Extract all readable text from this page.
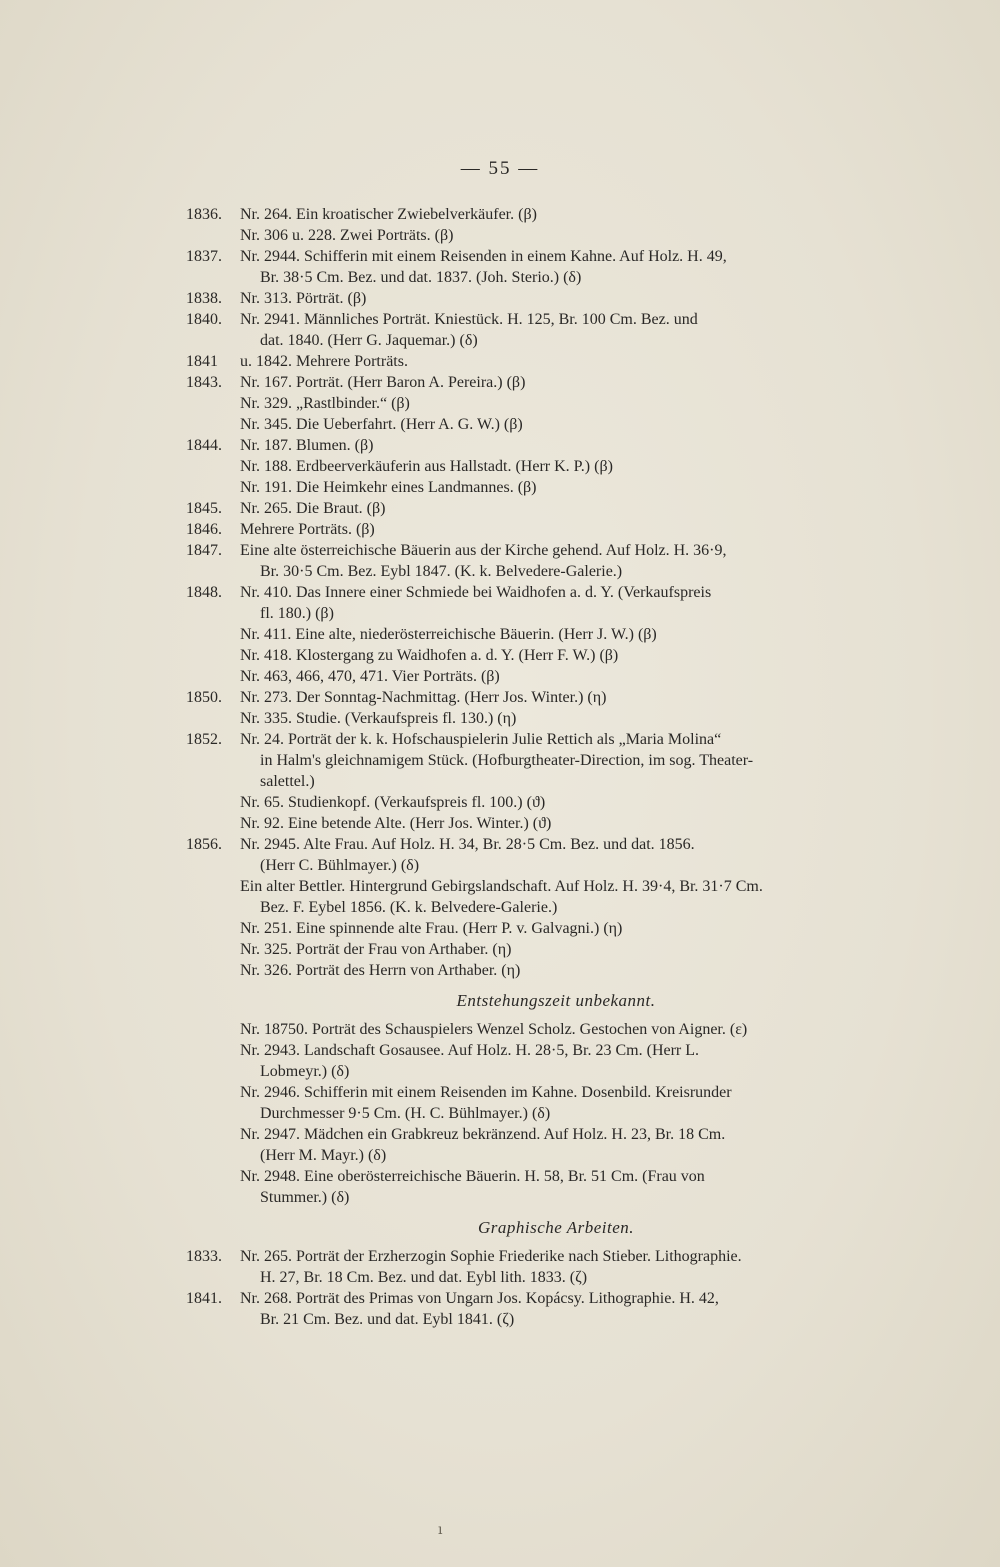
— 55 —
1836.	Nr. 264. Ein kroatischer Zwiebelverkäufer. (β)
Nr. 306 u. 228. Zwei Porträts. (β)
1837.	Nr. 2944. Schifferin mit einem Reisenden in einem Kahne. Auf Holz. H. 49,
Br. 38·5 Cm. Bez. und dat. 1837. (Joh. Sterio.) (δ)
1838.	Nr. 313. Pörträt. (β)
1840.	Nr. 2941. Männliches Porträt. Kniestück. H. 125, Br. 100 Cm. Bez. und
dat. 1840. (Herr G. Jaquemar.) (δ)
1841	u. 1842. Mehrere Porträts.
1843.	Nr. 167. Porträt. (Herr Baron A. Pereira.) (β)
Nr. 329. „Rastlbinder.“ (β)
Nr. 345. Die Ueberfahrt. (Herr A. G. W.) (β)
1844.	Nr. 187. Blumen. (β)
Nr. 188. Erdbeerverkäuferin aus Hallstadt. (Herr K. P.) (β)
Nr. 191. Die Heimkehr eines Landmannes. (β)
1845.	Nr. 265. Die Braut. (β)
1846.	Mehrere Porträts. (β)
1847.	Eine alte österreichische Bäuerin aus der Kirche gehend. Auf Holz. H. 36·9,
Br. 30·5 Cm. Bez. Eybl 1847. (K. k. Belvedere-Galerie.)
1848.	Nr. 410. Das Innere einer Schmiede bei Waidhofen a. d. Y. (Verkaufspreis
fl. 180.) (β)
Nr. 411. Eine alte, niederösterreichische Bäuerin. (Herr J. W.) (β)
Nr. 418. Klostergang zu Waidhofen a. d. Y. (Herr F. W.) (β)
Nr. 463, 466, 470, 471. Vier Porträts. (β)
1850.	Nr. 273. Der Sonntag-Nachmittag. (Herr Jos. Winter.) (η)
Nr. 335. Studie. (Verkaufspreis fl. 130.) (η)
1852.	Nr. 24. Porträt der k. k. Hofschauspielerin Julie Rettich als „Maria Molina“
in Halm's gleichnamigem Stück. (Hofburgtheater-Direction, im sog. Theater-
salettel.)
Nr. 65. Studienkopf. (Verkaufspreis fl. 100.) (ϑ)
Nr. 92. Eine betende Alte. (Herr Jos. Winter.) (ϑ)
1856.	Nr. 2945. Alte Frau. Auf Holz. H. 34, Br. 28·5 Cm. Bez. und dat. 1856.
(Herr C. Bühlmayer.) (δ)
Ein alter Bettler. Hintergrund Gebirgslandschaft. Auf Holz. H. 39·4, Br. 31·7 Cm.
Bez. F. Eybel 1856. (K. k. Belvedere-Galerie.)
Nr. 251. Eine spinnende alte Frau. (Herr P. v. Galvagni.) (η)
Nr. 325. Porträt der Frau von Arthaber. (η)
Nr. 326. Porträt des Herrn von Arthaber. (η)
Entstehungszeit unbekannt.
Nr. 18750. Porträt des Schauspielers Wenzel Scholz. Gestochen von Aigner. (ε)
Nr. 2943. Landschaft Gosausee. Auf Holz. H. 28·5, Br. 23 Cm. (Herr L.
Lobmeyr.) (δ)
Nr. 2946. Schifferin mit einem Reisenden im Kahne. Dosenbild. Kreisrunder
Durchmesser 9·5 Cm. (H. C. Bühlmayer.) (δ)
Nr. 2947. Mädchen ein Grabkreuz bekränzend. Auf Holz. H. 23, Br. 18 Cm.
(Herr M. Mayr.) (δ)
Nr. 2948. Eine oberösterreichische Bäuerin. H. 58, Br. 51 Cm. (Frau von
Stummer.) (δ)
Graphische Arbeiten.
1833.	Nr. 265. Porträt der Erzherzogin Sophie Friederike nach Stieber. Lithographie.
H. 27, Br. 18 Cm. Bez. und dat. Eybl lith. 1833. (ζ)
1841.	Nr. 268. Porträt des Primas von Ungarn Jos. Kopácsy. Lithographie. H. 42,
Br. 21 Cm. Bez. und dat. Eybl 1841. (ζ)
ı
